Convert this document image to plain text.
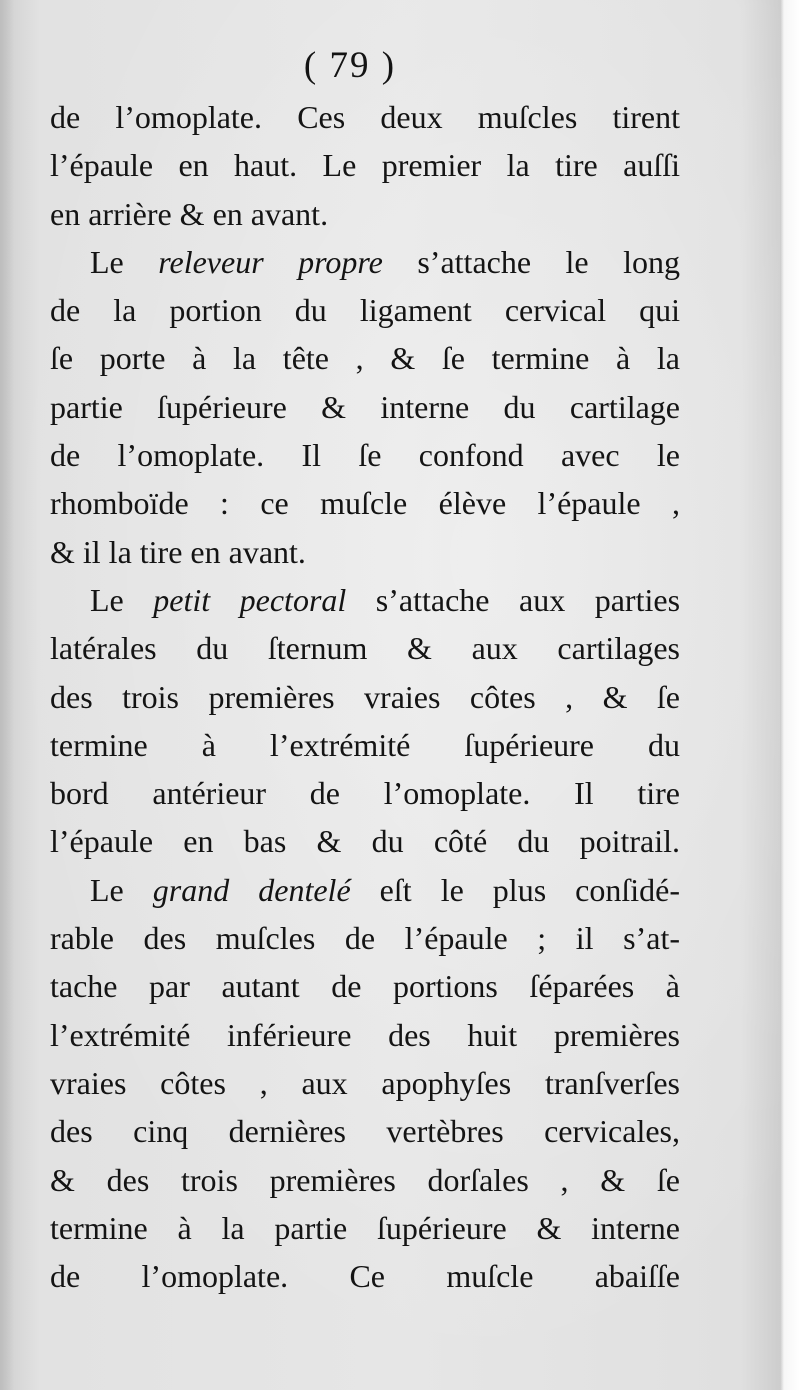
( 79 )
de l’omoplate. Ces deux muſcles tirent
l’épaule en haut. Le premier la tire auſſi
en arrière & en avant.
Le releveur propre s’attache le long
de la portion du ligament cervical qui
ſe porte à la tête , & ſe termine à la
partie ſupérieure & interne du cartilage
de l’omoplate. Il ſe confond avec le
rhomboïde : ce muſcle élève l’épaule ,
& il la tire en avant.
Le petit pectoral s’attache aux parties
latérales du ſternum & aux cartilages
des trois premières vraies côtes , & ſe
termine à l’extrémité ſupérieure du
bord antérieur de l’omoplate. Il tire
l’épaule en bas & du côté du poitrail.
Le grand dentelé eſt le plus conſidé-
rable des muſcles de l’épaule ; il s’at-
tache par autant de portions ſéparées à
l’extrémité inférieure des huit premières
vraies côtes , aux apophyſes tranſverſes
des cinq dernières vertèbres cervicales,
& des trois premières dorſales , & ſe
termine à la partie ſupérieure & interne
de l’omoplate. Ce muſcle abaiſſe
